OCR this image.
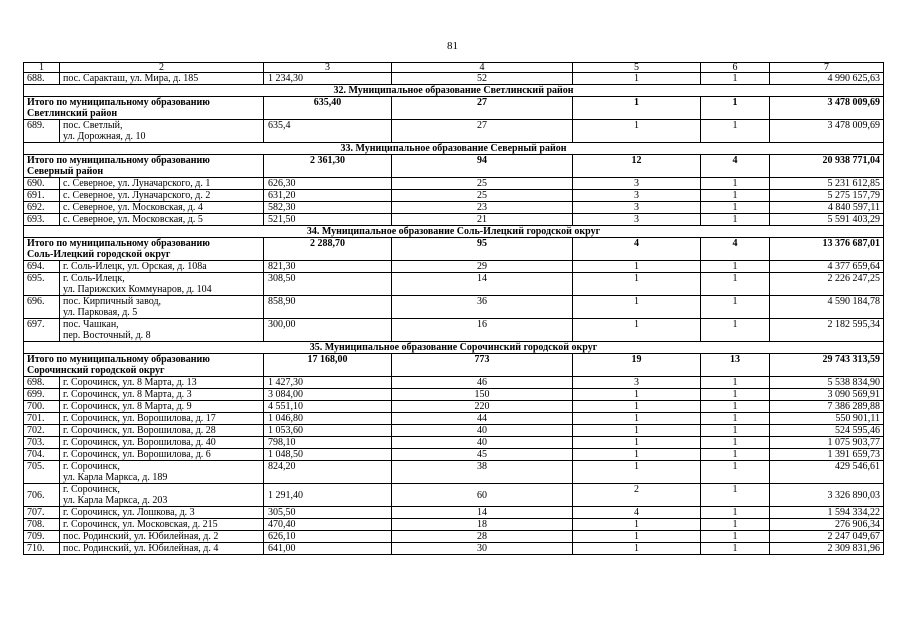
81
1	2	3	4	5	6	7
688.	пос. Саракташ, ул. Мира, д. 185	1 234,30	52	1	1	4 990 625,63
32. Муниципальное образование Светлинский район						

Итого по муниципальному образованию
Светлинский район		635,40	27	1	1	3 478 009,69
689.	пос. Светлый,
ул. Дорожная, д. 10	635,4	27	1	1	3 478 009,69
33. Муниципальное образование Северный район						

Итого по муниципальному образованию
Северный район		2 361,30	94	12	4	20 938 771,04
690.	с. Северное, ул. Луначарского, д. 1	626,30	25	3	1	5 231 612,85
691.	с. Северное, ул. Луначарского, д. 2	631,20	25	3	1	5 275 157,79
692.	с. Северное, ул. Московская, д. 4	582,30	23	3	1	4 840 597,11
693.	с. Северное, ул. Московская, д. 5	521,50	21	3	1	5 591 403,29
34. Муниципальное образование Соль-Илецкий городской округ						

Итого по муниципальному образованию
Соль-Илецкий городской округ		2 288,70	95	4	4	13 376 687,01
694.	г. Соль-Илецк, ул. Орская, д. 108а	821,30	29	1	1	4 377 659,64
695.	г. Соль-Илецк,
ул. Парижских Коммунаров, д. 104	308,50	14	1	1	2 226 247,25
696.	пос. Кирпичный завод,
ул. Парковая, д. 5	858,90	36	1	1	4 590 184,78
697.	пос. Чашкан,
пер. Восточный, д. 8	300,00	16	1	1	2 182 595,34
35. Муниципальное образование Сорочинский городской округ						

Итого по муниципальному образованию
Сорочинский городской округ		17 168,00	773	19	13	29 743 313,59
698.	г. Сорочинск, ул. 8 Марта, д. 13	1 427,30	46	3	1	5 538 834,90
699.	г. Сорочинск, ул. 8 Марта, д. 3	3 084,00	150	1	1	3 090 569,91
700.	г. Сорочинск, ул. 8 Марта, д. 9	4 551,10	220	1	1	7 386 289,88
701.	г. Сорочинск, ул. Ворошилова, д. 17	1 046,80	44	1	1	550 901,11
702.	г. Сорочинск, ул. Ворошилова, д. 28	1 053,60	40	1	1	524 595,46
703.	г. Сорочинск, ул. Ворошилова, д. 40	798,10	40	1	1	1 075 903,77
704.	г. Сорочинск, ул. Ворошилова, д. 6	1 048,50	45	1	1	1 391 659,73
705.	г. Сорочинск,
ул. Карла Маркса, д. 189	824,20	38	1	1	429 546,61
706.	г. Сорочинск,
ул. Карла Маркса, д. 203	1 291,40	60	2	1	3 326 890,03
707.	г. Сорочинск, ул. Лошкова, д. 3	305,50	14	4	1	1 594 334,22
708.	г. Сорочинск, ул. Московская, д. 215	470,40	18	1	1	276 906,34
709.	пос. Родинский, ул. Юбилейная, д. 2	626,10	28	1	1	2 247 049,67
710.	пос. Родинский, ул. Юбилейная, д. 4	641,00	30	1	1	2 309 831,96
